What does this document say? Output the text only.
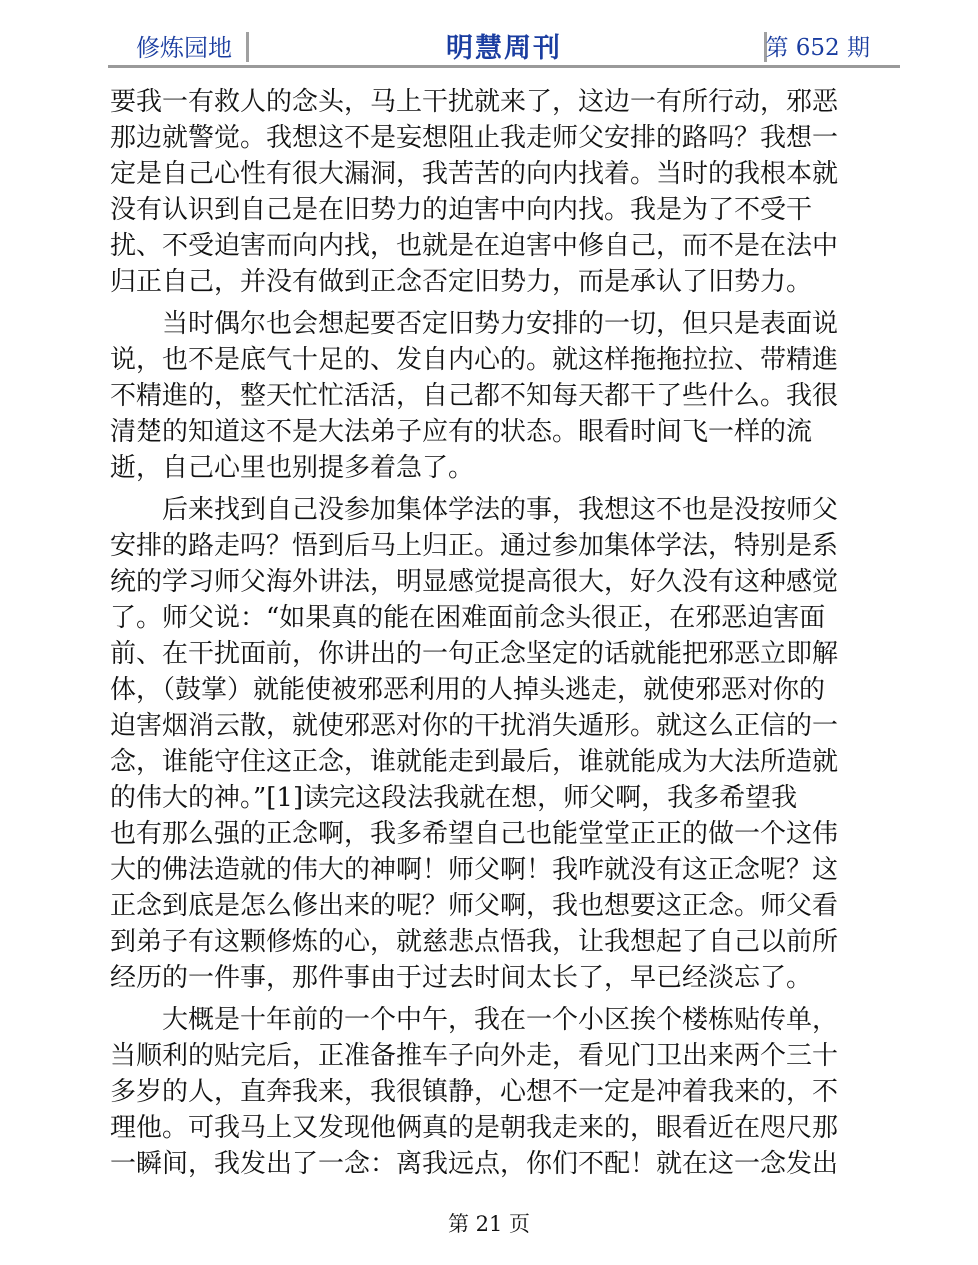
修炼园地	明慧周刊	第 652 期

要我一有救人的念头，马上干扰就来了，这边一有所行动，邪恶
那边就警觉。我想这不是妄想阻止我走师父安排的路吗？我想一
定是自己心性有很大漏洞，我苦苦的向内找着。当时的我根本就
没有认识到自己是在旧势力的迫害中向内找。我是为了不受干
扰、不受迫害而向内找，也就是在迫害中修自己，而不是在法中
归正自己，并没有做到正念否定旧势力，而是承认了旧势力。

　　当时偶尔也会想起要否定旧势力安排的一切，但只是表面说
说，也不是底气十足的、发自内心的。就这样拖拖拉拉、带精進
不精進的，整天忙忙活活，自己都不知每天都干了些什么。我很
清楚的知道这不是大法弟子应有的状态。眼看时间飞一样的流
逝，自己心里也别提多着急了。

　　后来找到自己没参加集体学法的事，我想这不也是没按师父
安排的路走吗？悟到后马上归正。通过参加集体学法，特别是系
统的学习师父海外讲法，明显感觉提高很大，好久没有这种感觉
了。师父说：“如果真的能在困难面前念头很正，在邪恶迫害面
前、在干扰面前，你讲出的一句正念坚定的话就能把邪恶立即解
体，（鼓掌）就能使被邪恶利用的人掉头逃走，就使邪恶对你的
迫害烟消云散，就使邪恶对你的干扰消失遁形。就这么正信的一
念，谁能守住这正念，谁就能走到最后，谁就能成为大法所造就
的伟大的神。”[1]读完这段法我就在想，师父啊，我多希望我
也有那么强的正念啊，我多希望自己也能堂堂正正的做一个这伟
大的佛法造就的伟大的神啊！师父啊！我咋就没有这正念呢？这
正念到底是怎么修出来的呢？师父啊，我也想要这正念。师父看
到弟子有这颗修炼的心，就慈悲点悟我，让我想起了自己以前所
经历的一件事，那件事由于过去时间太长了，早已经淡忘了。

　　大概是十年前的一个中午，我在一个小区挨个楼栋贴传单，
当顺利的贴完后，正准备推车子向外走，看见门卫出来两个三十
多岁的人，直奔我来，我很镇静，心想不一定是冲着我来的，不
理他。可我马上又发现他俩真的是朝我走来的，眼看近在咫尺那
一瞬间，我发出了一念：离我远点，你们不配！就在这一念发出

第 21 页
